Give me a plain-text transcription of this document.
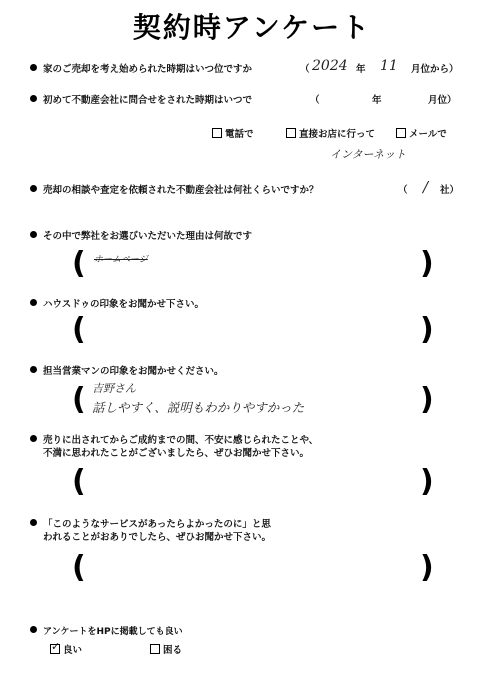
契約時アンケート
家のご売却を考え始められた時期はいつ位ですか	（ 2024 年 11 月位から）
初めて不動産会社に問合せをされた時期はいつで	（	年	月位）
電話で	直接お店に行って	メールで
インターネット
売却の相談や査定を依頼された不動産会社は何社くらいですか？	（ / 社）
その中で弊社をお選びいただいた理由は何故です
( ホームページ	)
ハウスドゥの印象をお聞かせ下さい。
(	)
担当営業マンの印象をお聞かせください。
( 吉野さん
話しやすく、説明もわかりやすかった	)
売りに出されてからご成約までの間、不安に感じられたことや、
不満に思われたことがございましたら、ぜひお聞かせ下さい。
(	)
「このようなサービスがあったらよかったのに」と思
われることがおありでしたら、ぜひお聞かせ下さい。
(	)
アンケートをHPに掲載しても良い
✓良い	困る
